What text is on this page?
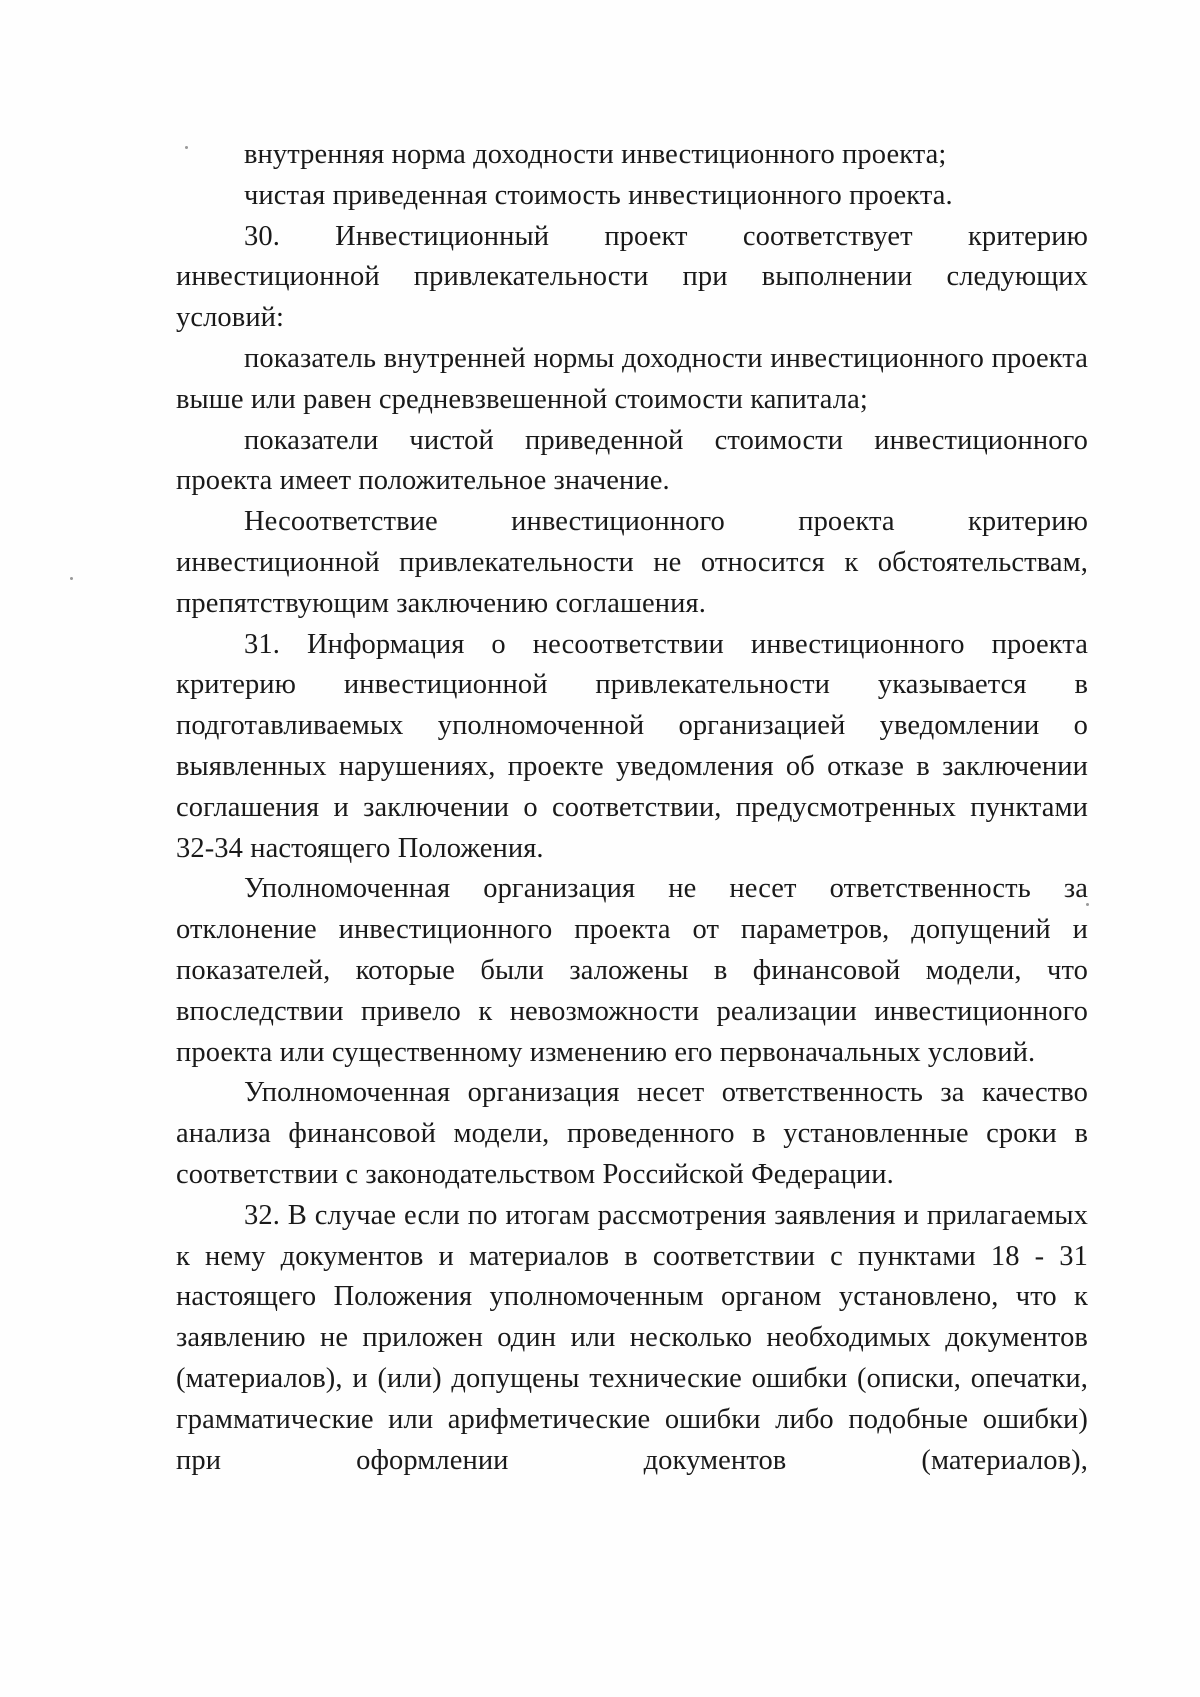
внутренняя норма доходности инвестиционного проекта;

чистая приведенная стоимость инвестиционного проекта.

30. Инвестиционный проект соответствует критерию инвестиционной привлекательности при выполнении следующих условий:

показатель внутренней нормы доходности инвестиционного проекта выше или равен средневзвешенной стоимости капитала;

показатели чистой приведенной стоимости инвестиционного проекта имеет положительное значение.

Несоответствие инвестиционного проекта критерию инвестиционной привлекательности не относится к обстоятельствам, препятствующим заключению соглашения.

31. Информация о несоответствии инвестиционного проекта критерию инвестиционной привлекательности указывается в подготавливаемых уполномоченной организацией уведомлении о выявленных нарушениях, проекте уведомления об отказе в заключении соглашения и заключении о соответствии, предусмотренных пунктами 32-34 настоящего Положения.

Уполномоченная организация не несет ответственность за отклонение инвестиционного проекта от параметров, допущений и показателей, которые были заложены в финансовой модели, что впоследствии привело к невозможности реализации инвестиционного проекта или существенному изменению его первоначальных условий.

Уполномоченная организация несет ответственность за качество анализа финансовой модели, проведенного в установленные сроки в соответствии с законодательством Российской Федерации.

32. В случае если по итогам рассмотрения заявления и прилагаемых к нему документов и материалов в соответствии с пунктами 18 - 31 настоящего Положения уполномоченным органом установлено, что к заявлению не приложен один или несколько необходимых документов (материалов), и (или) допущены технические ошибки (описки, опечатки, грамматические или арифметические ошибки либо подобные ошибки) при оформлении документов (материалов),
